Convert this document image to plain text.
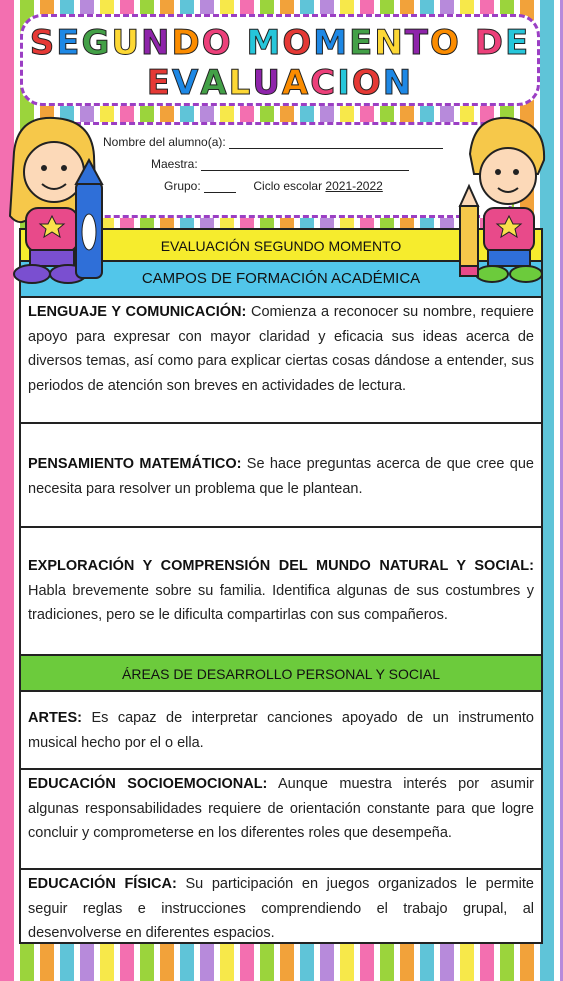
SEGUNDO MOMENTO DE
EVALUACION
Nombre del alumno(a):
Maestra:
Grupo:	Ciclo escolar 2021-2022
EVALUACIÓN SEGUNDO MOMENTO
CAMPOS DE FORMACIÓN ACADÉMICA
LENGUAJE Y COMUNICACIÓN: Comienza a reconocer su nombre, requiere apoyo para expresar con mayor claridad y eficacia sus ideas acerca de diversos temas, así como para explicar ciertas cosas dándose a entender, sus periodos de atención son breves en actividades de lectura.
PENSAMIENTO MATEMÁTICO: Se hace preguntas acerca de que cree que necesita para resolver un problema que le plantean.
EXPLORACIÓN Y COMPRENSIÓN DEL MUNDO NATURAL Y SOCIAL: Habla brevemente sobre su familia. Identifica algunas de sus costumbres y tradiciones, pero se le dificulta compartirlas con sus compañeros.
ÁREAS DE DESARROLLO PERSONAL Y SOCIAL
ARTES: Es capaz de interpretar canciones apoyado de un instrumento musical hecho por el o ella.
EDUCACIÓN SOCIOEMOCIONAL: Aunque muestra interés por asumir algunas responsabilidades requiere de orientación constante para que logre concluir y comprometerse en los diferentes roles que desempeña.
EDUCACIÓN FÍSICA: Su participación en juegos organizados le permite seguir reglas e instrucciones comprendiendo el trabajo grupal, al desenvolverse en diferentes espacios.
